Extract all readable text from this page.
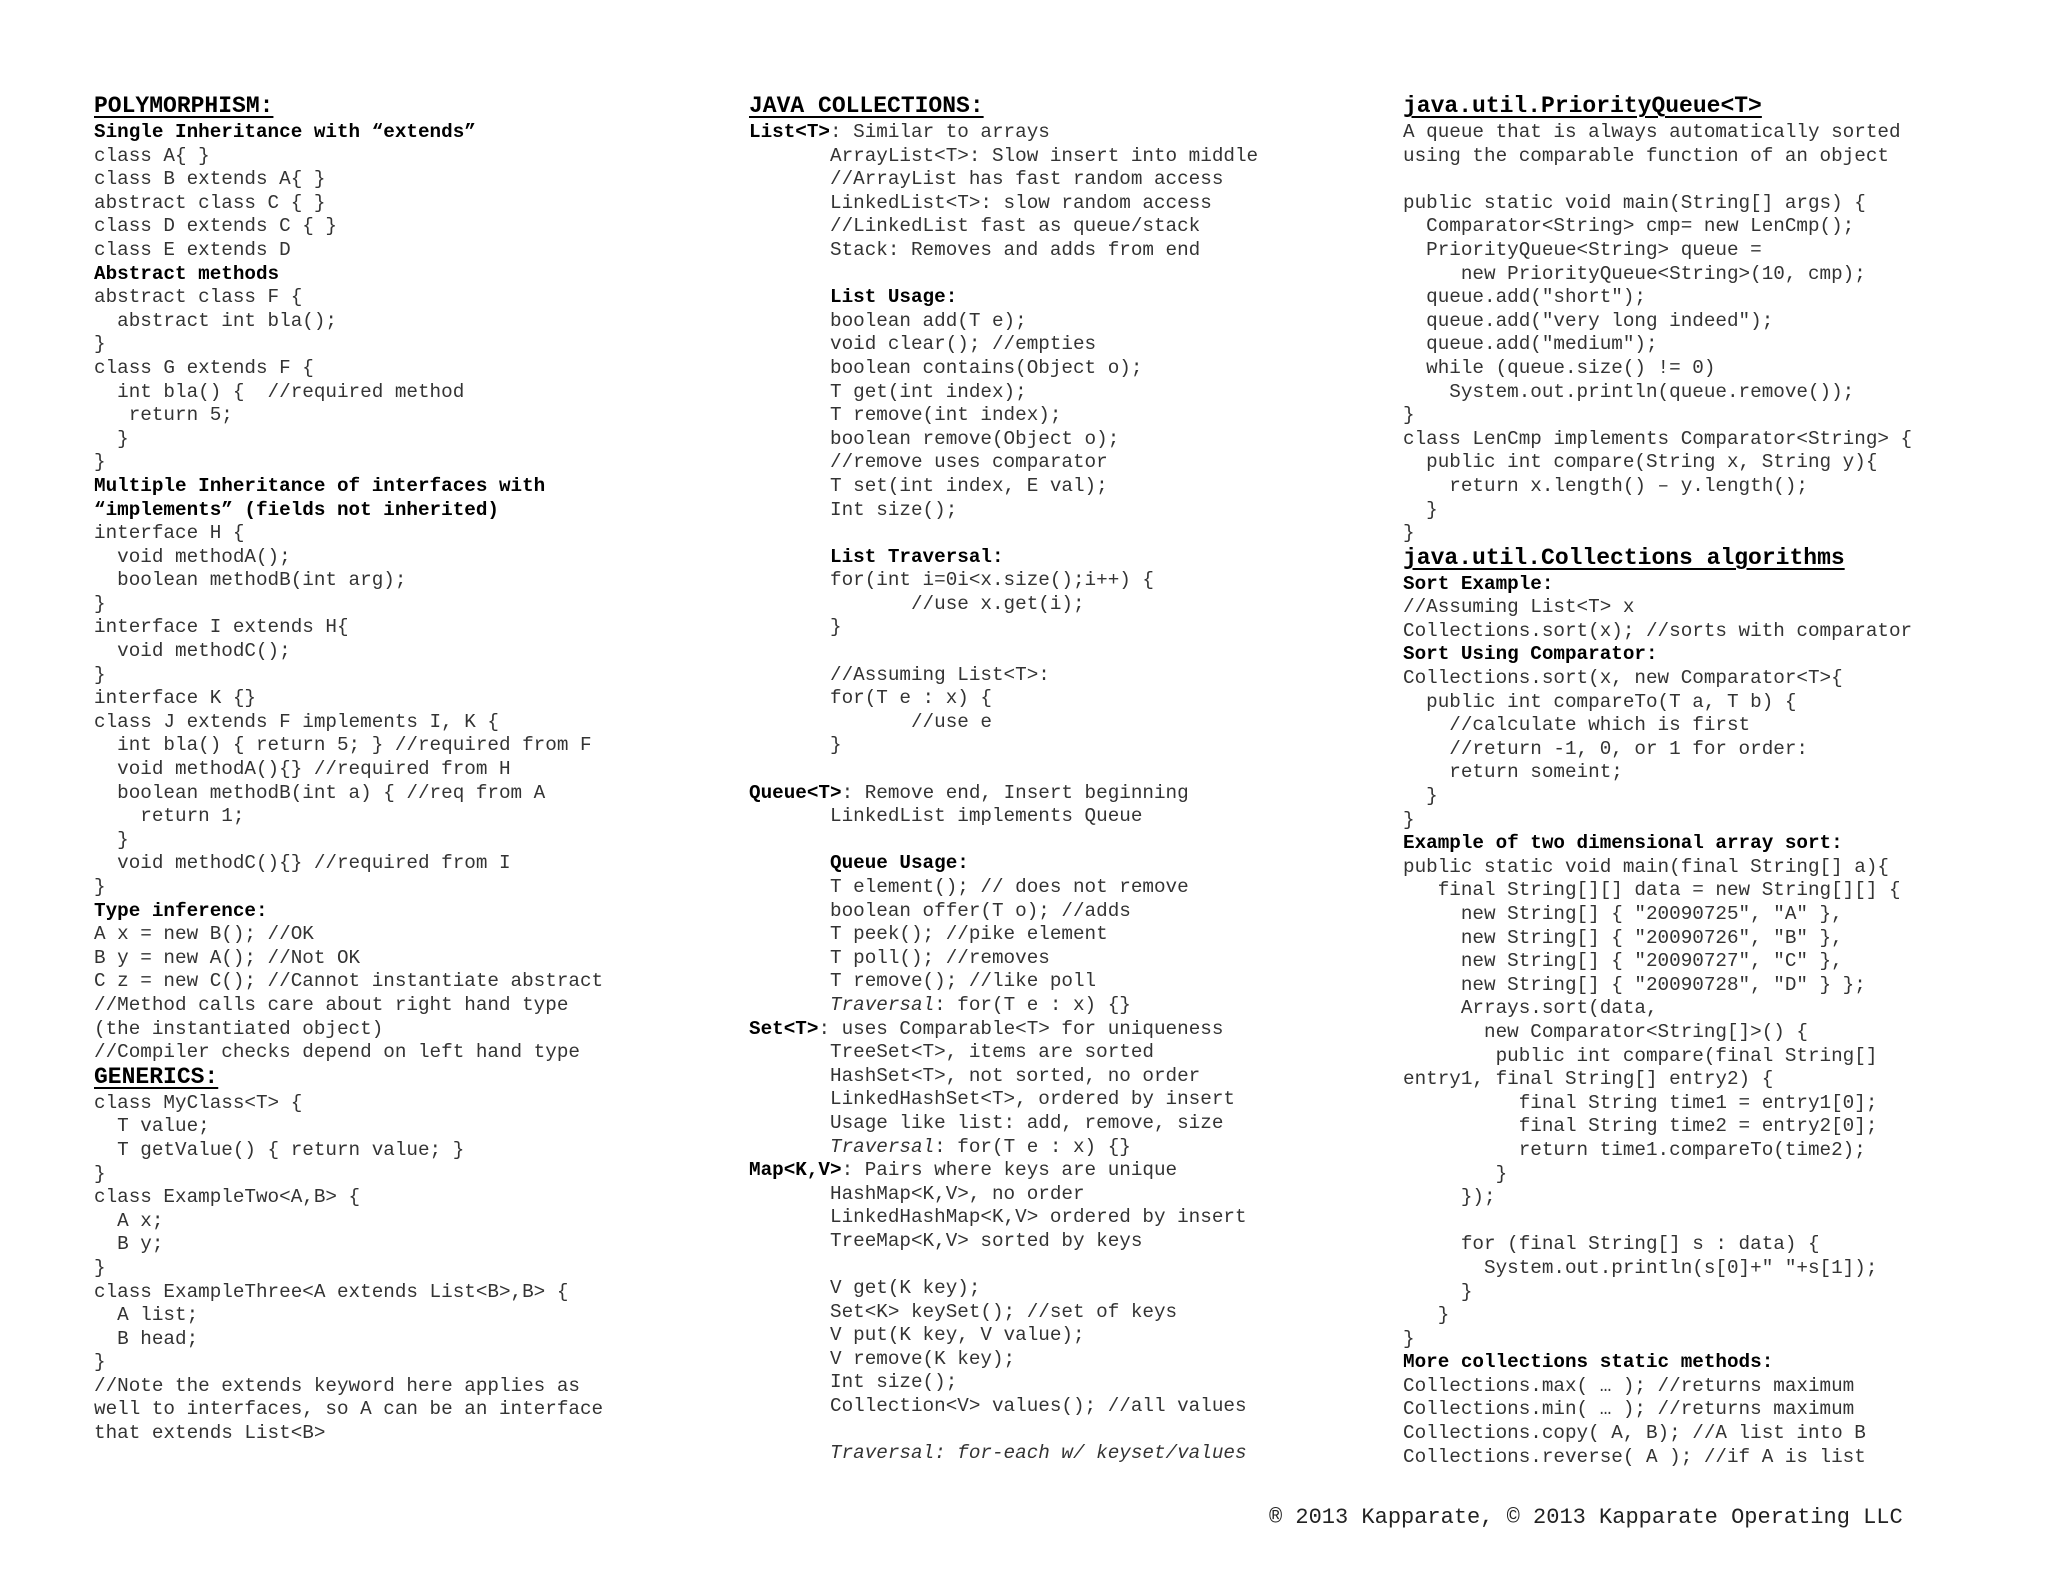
POLYMORPHISM:
Single Inheritance with “extends”
class A{ }
class B extends A{ }
abstract class C { }
class D extends C { }
class E extends D
Abstract methods
abstract class F {
abstract int bla();
}
class G extends F {
int bla() {  //required method
return 5;
}
}
Multiple Inheritance of interfaces with
“implements” (fields not inherited)
interface H {
void methodA();
boolean methodB(int arg);
}
interface I extends H{
void methodC();
}
interface K {}
class J extends F implements I, K {
int bla() { return 5; } //required from F
void methodA(){} //required from H
boolean methodB(int a) { //req from A
return 1;
}
void methodC(){} //required from I
}
Type inference:
A x = new B(); //OK
B y = new A(); //Not OK
C z = new C(); //Cannot instantiate abstract
//Method calls care about right hand type
(the instantiated object)
//Compiler checks depend on left hand type
GENERICS:
class MyClass<T> {
T value;
T getValue() { return value; }
}
class ExampleTwo<A,B> {
A x;
B y;
}
class ExampleThree<A extends List<B>,B> {
A list;
B head;
}
//Note the extends keyword here applies as
well to interfaces, so A can be an interface
that extends List<B>
JAVA COLLECTIONS:
List<T>: Similar to arrays
ArrayList<T>: Slow insert into middle
//ArrayList has fast random access
LinkedList<T>: slow random access
//LinkedList fast as queue/stack
Stack: Removes and adds from end
List Usage:
boolean add(T e);
void clear(); //empties
boolean contains(Object o);
T get(int index);
T remove(int index);
boolean remove(Object o);
//remove uses comparator
T set(int index, E val);
Int size();
List Traversal:
for(int i=0i<x.size();i++) {
//use x.get(i);
}
//Assuming List<T>:
for(T e : x) {
//use e
}
Queue<T>: Remove end, Insert beginning
LinkedList implements Queue
Queue Usage:
T element(); // does not remove
boolean offer(T o); //adds
T peek(); //pike element
T poll(); //removes
T remove(); //like poll
Traversal: for(T e : x) {}
Set<T>: uses Comparable<T> for uniqueness
TreeSet<T>, items are sorted
HashSet<T>, not sorted, no order
LinkedHashSet<T>, ordered by insert
Usage like list: add, remove, size
Traversal: for(T e : x) {}
Map<K,V>: Pairs where keys are unique
HashMap<K,V>, no order
LinkedHashMap<K,V> ordered by insert
TreeMap<K,V> sorted by keys
V get(K key);
Set<K> keySet(); //set of keys
V put(K key, V value);
V remove(K key);
Int size();
Collection<V> values(); //all values
Traversal: for-each w/ keyset/values
java.util.PriorityQueue<T>
A queue that is always automatically sorted
using the comparable function of an object
public static void main(String[] args) {
Comparator<String> cmp= new LenCmp();
PriorityQueue<String> queue =
new PriorityQueue<String>(10, cmp);
queue.add("short");
queue.add("very long indeed");
queue.add("medium");
while (queue.size() != 0)
System.out.println(queue.remove());
}
class LenCmp implements Comparator<String> {
public int compare(String x, String y){
return x.length() – y.length();
}
}
java.util.Collections algorithms
Sort Example:
//Assuming List<T> x
Collections.sort(x); //sorts with comparator
Sort Using Comparator:
Collections.sort(x, new Comparator<T>{
public int compareTo(T a, T b) {
//calculate which is first
//return -1, 0, or 1 for order:
return someint;
}
}
Example of two dimensional array sort:
public static void main(final String[] a){
final String[][] data = new String[][] {
new String[] { "20090725", "A" },
new String[] { "20090726", "B" },
new String[] { "20090727", "C" },
new String[] { "20090728", "D" } };
Arrays.sort(data,
new Comparator<String[]>() {
public int compare(final String[]
entry1, final String[] entry2) {
final String time1 = entry1[0];
final String time2 = entry2[0];
return time1.compareTo(time2);
}
});
for (final String[] s : data) {
System.out.println(s[0]+" "+s[1]);
}
}
}
More collections static methods:
Collections.max( … ); //returns maximum
Collections.min( … ); //returns maximum
Collections.copy( A, B); //A list into B
Collections.reverse( A ); //if A is list
® 2013 Kapparate, © 2013 Kapparate Operating LLC
